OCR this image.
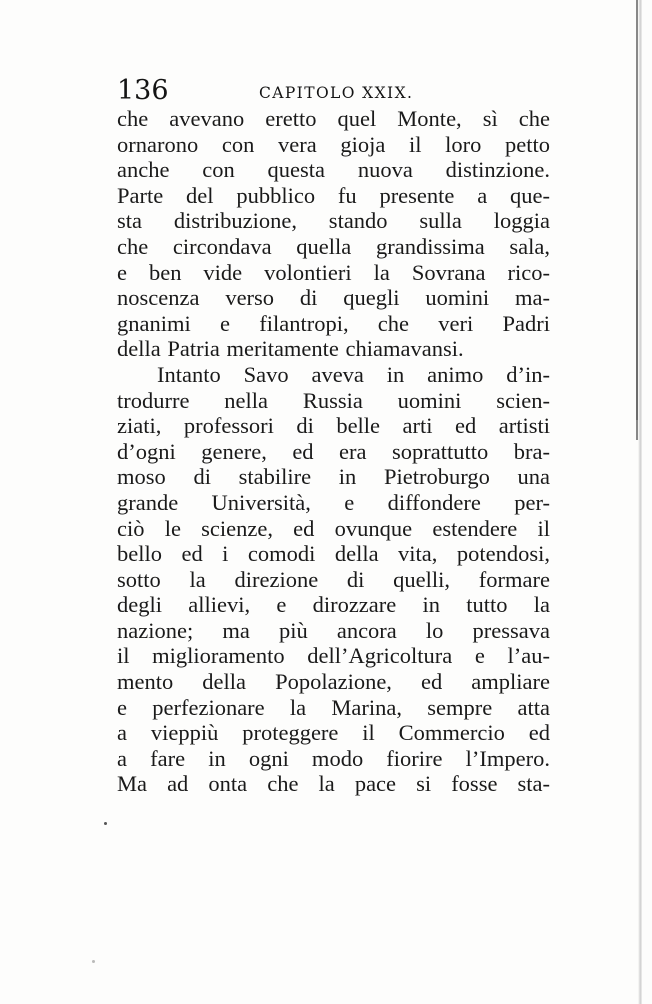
136	CAPITOLO XXIX.
che avevano eretto quel Monte, sì che
ornarono con vera gioja il loro petto
anche con questa nuova distinzione.
Parte del pubblico fu presente a que-
sta distribuzione, stando sulla loggia
che circondava quella grandissima sala,
e ben vide volontieri la Sovrana rico-
noscenza verso di quegli uomini ma-
gnanimi e filantropi, che veri Padri
della Patria meritamente chiamavansi.
Intanto Savo aveva in animo d’in-
trodurre nella Russia uomini scien-
ziati, professori di belle arti ed artisti
d’ogni genere, ed era soprattutto bra-
moso di stabilire in Pietroburgo una
grande Università, e diffondere per-
ciò le scienze, ed ovunque estendere il
bello ed i comodi della vita, potendosi,
sotto la direzione di quelli, formare
degli allievi, e dirozzare in tutto la
nazione; ma più ancora lo pressava
il miglioramento dell’Agricoltura e l’au-
mento della Popolazione, ed ampliare
e perfezionare la Marina, sempre atta
a vieppiù proteggere il Commercio ed
a fare in ogni modo fiorire l’Impero.
Ma ad onta che la pace si fosse sta-
